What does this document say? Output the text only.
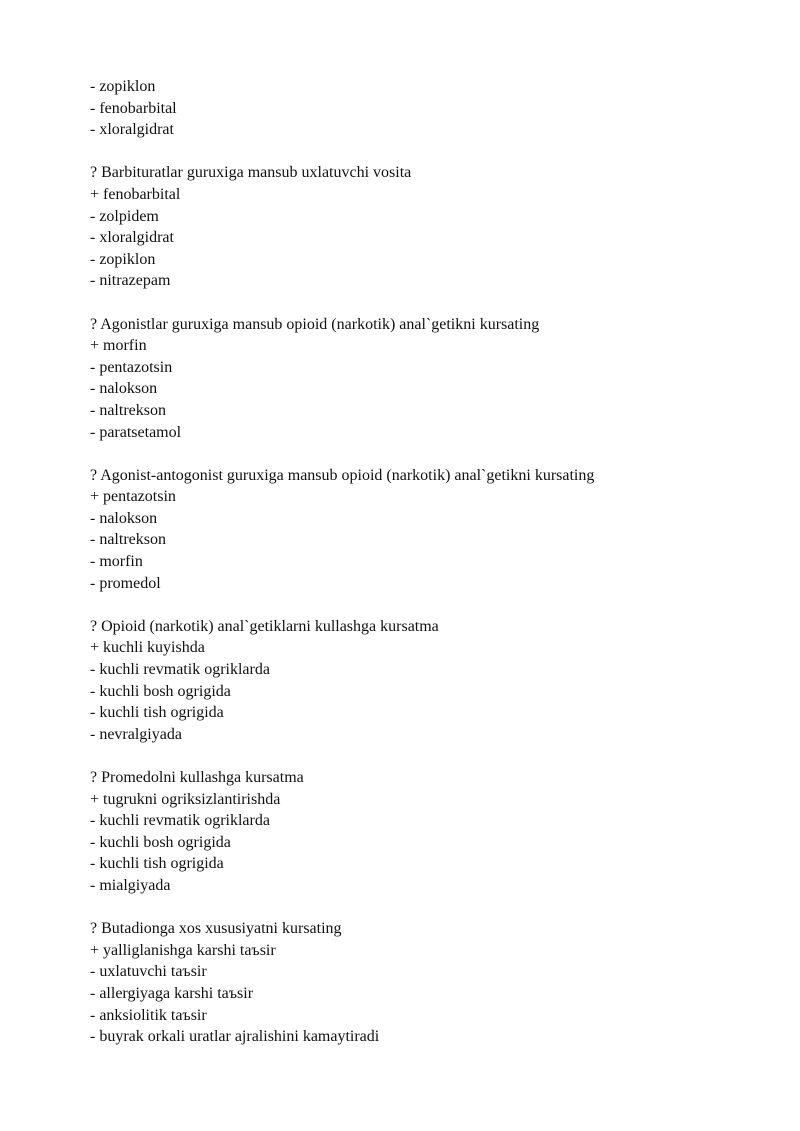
- zopiklon
- fenobarbital
- xloralgidrat
? Barbituratlar guruxiga mansub uxlatuvchi vosita
+ fenobarbital
- zolpidem
- xloralgidrat
- zopiklon
- nitrazepam
? Agonistlar guruxiga mansub opioid (narkotik) anal`getikni kursating
+ morfin
- pentazotsin
- nalokson
- naltrekson
- paratsetamol
? Agonist-antogonist guruxiga mansub opioid (narkotik) anal`getikni kursating
+ pentazotsin
- nalokson
- naltrekson
- morfin
- promedol
? Opioid (narkotik) anal`getiklarni kullashga kursatma
+ kuchli kuyishda
- kuchli revmatik ogriklarda
- kuchli bosh ogrigida
- kuchli tish ogrigida
- nevralgiyada
? Promedolni kullashga kursatma
+ tugrukni ogriksizlantirishda
- kuchli revmatik ogriklarda
- kuchli bosh ogrigida
- kuchli tish ogrigida
- mialgiyada
? Butadionga xos xususiyatni kursating
+ yalliglanishga karshi taъsir
- uxlatuvchi taъsir
- allergiyaga karshi taъsir
- anksiolitik taъsir
- buyrak orkali uratlar ajralishini kamaytiradi
